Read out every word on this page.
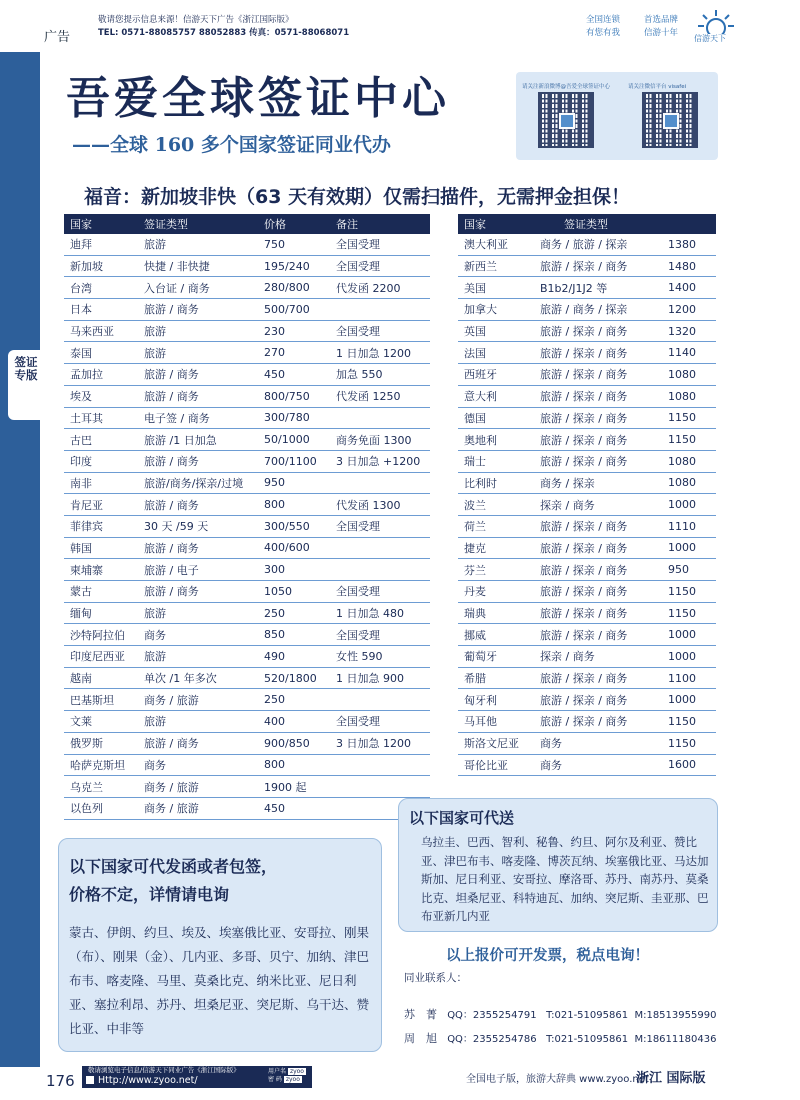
广告
敬请您提示信息来源！信游天下广告《浙江国际版》
TEL: 0571-88085757 88052883 传真：0571-88068071
全国连锁	首选品牌
有您有我	信游十年
信游天下
签证专版
吾爱全球签证中心
——全球 160 多个国家签证同业代办
请关注新浪微博@吾爱全球签证中心	请关注微信平台 visafei
福音：新加坡非快（63 天有效期）仅需扫描件，无需押金担保！
国家	签证类型	价格	备注
迪拜	旅游	750	全国受理
新加坡	快捷 / 非快捷	195/240	全国受理
台湾	入台证 / 商务	280/800	代发函 2200
日本	旅游 / 商务	500/700	
马来西亚	旅游	230	全国受理
泰国	旅游	270	1 日加急 1200
孟加拉	旅游 / 商务	450	加急 550
埃及	旅游 / 商务	800/750	代发函 1250
土耳其	电子签 / 商务	300/780	
古巴	旅游 /1 日加急	50/1000	商务免面 1300
印度	旅游 / 商务	700/1100	3 日加急 +1200
南非	旅游/商务/探亲/过境	950	
肯尼亚	旅游 / 商务	800	代发函 1300
菲律宾	30 天 /59 天	300/550	全国受理
韩国	旅游 / 商务	400/600	
柬埔寨	旅游 / 电子	300	
蒙古	旅游 / 商务	1050	全国受理
缅甸	旅游	250	1 日加急 480
沙特阿拉伯	商务	850	全国受理
印度尼西亚	旅游	490	女性 590
越南	单次 /1 年多次	520/1800	1 日加急 900
巴基斯坦	商务 / 旅游	250	
文莱	旅游	400	全国受理
俄罗斯	旅游 / 商务	900/850	3 日加急 1200
哈萨克斯坦	商务	800	
乌克兰	商务 / 旅游	1900 起	
以色列	商务 / 旅游	450	
国家	签证类型	
澳大利亚	商务 / 旅游 / 探亲	1380
新西兰	旅游 / 探亲 / 商务	1480
美国	B1b2/J1J2 等	1400
加拿大	旅游 / 商务 / 探亲	1200
英国	旅游 / 探亲 / 商务	1320
法国	旅游 / 探亲 / 商务	1140
西班牙	旅游 / 探亲 / 商务	1080
意大利	旅游 / 探亲 / 商务	1080
德国	旅游 / 探亲 / 商务	1150
奥地利	旅游 / 探亲 / 商务	1150
瑞士	旅游 / 探亲 / 商务	1080
比利时	商务 / 探亲	1080
波兰	探亲 / 商务	1000
荷兰	旅游 / 探亲 / 商务	1110
捷克	旅游 / 探亲 / 商务	1000
芬兰	旅游 / 探亲 / 商务	950
丹麦	旅游 / 探亲 / 商务	1150
瑞典	旅游 / 探亲 / 商务	1150
挪威	旅游 / 探亲 / 商务	1000
葡萄牙	探亲 / 商务	1000
希腊	旅游 / 探亲 / 商务	1100
匈牙利	旅游 / 探亲 / 商务	1000
马耳他	旅游 / 探亲 / 商务	1150
斯洛文尼亚	商务	1150
哥伦比亚	商务	1600
以下国家可代送
乌拉圭、巴西、智利、秘鲁、约旦、阿尔及利亚、赞比亚、津巴布韦、喀麦隆、博茨瓦纳、埃塞俄比亚、马达加斯加、尼日利亚、安哥拉、摩洛哥、苏丹、南苏丹、莫桑比克、坦桑尼亚、科特迪瓦、加纳、突尼斯、圭亚那、巴布亚新几内亚
以下国家可代发函或者包签，
价格不定，详情请电询
蒙古、伊朗、约旦、埃及、埃塞俄比亚、安哥拉、刚果（布）、刚果（金）、几内亚、多哥、贝宁、加纳、津巴布韦、喀麦隆、马里、莫桑比克、纳米比亚、尼日利亚、塞拉利昂、苏丹、坦桑尼亚、突尼斯、乌干达、赞比亚、中非等
以上报价可开发票，税点电询！
同业联系人：
苏　菁 QQ：2355254791 T:021-51095861 M:18513955990
周　旭 QQ：2355254786 T:021-51095861 M:18611180436
176
敬请浏览电子信息/信游天下同业广告《浙江国际版》
Http://www.zyoo.net/
用户名 zyoo
密 码 zyoo	全国电子版，旅游大辞典 www.zyoo.net
浙江 国际版
